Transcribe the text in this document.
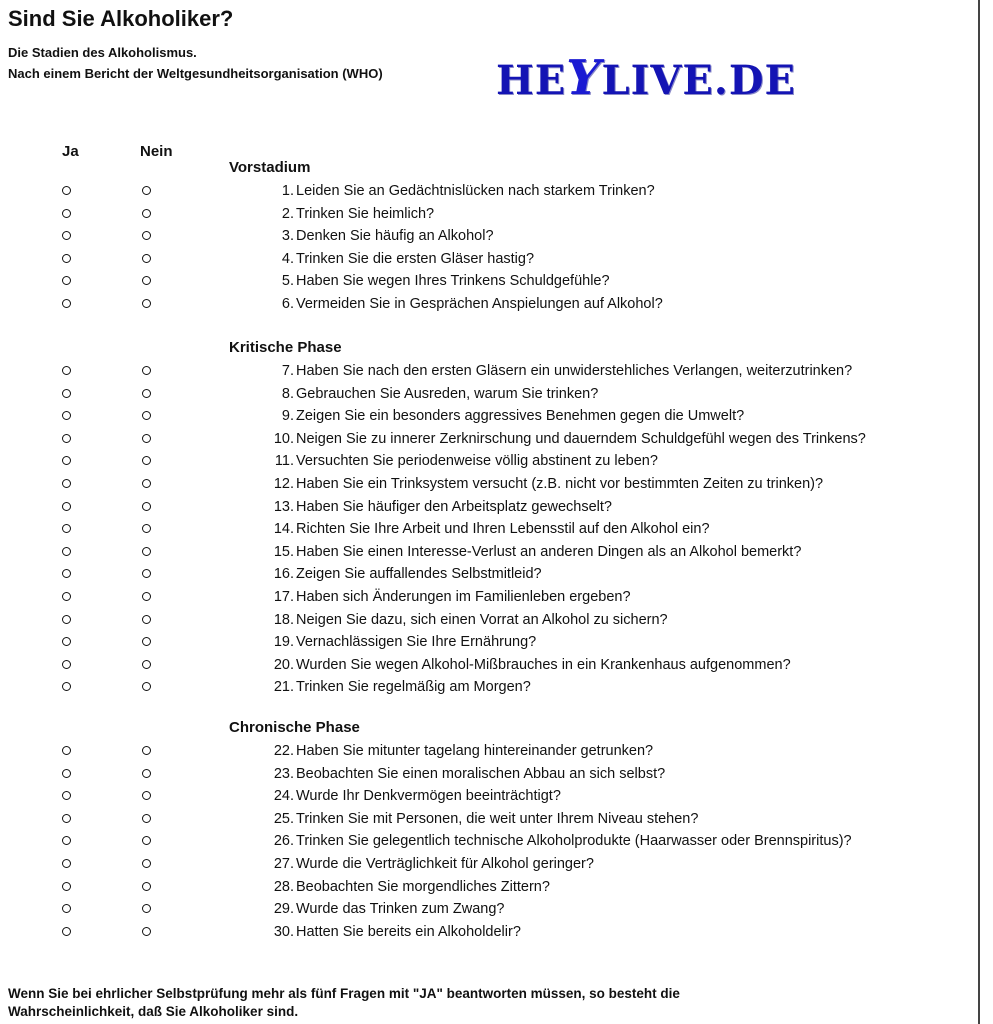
Sind Sie Alkoholiker?
Die Stadien des Alkoholismus.
Nach einem Bericht der Weltgesundheitsorganisation (WHO)	HEYLIVE.DE
Ja	Nein
Vorstadium
1. Leiden Sie an Gedächtnislücken nach starkem Trinken?
2. Trinken Sie heimlich?
3. Denken Sie häufig an Alkohol?
4. Trinken Sie die ersten Gläser hastig?
5. Haben Sie wegen Ihres Trinkens Schuldgefühle?
6. Vermeiden Sie in Gesprächen Anspielungen auf Alkohol?
Kritische Phase
7. Haben Sie nach den ersten Gläsern ein unwiderstehliches Verlangen, weiterzutrinken?
8. Gebrauchen Sie Ausreden, warum Sie trinken?
9. Zeigen Sie ein besonders aggressives Benehmen gegen die Umwelt?
10. Neigen Sie zu innerer Zerknirschung und dauerndem Schuldgefühl wegen des Trinkens?
11. Versuchten Sie periodenweise völlig abstinent zu leben?
12. Haben Sie ein Trinksystem versucht (z.B. nicht vor bestimmten Zeiten zu trinken)?
13. Haben Sie häufiger den Arbeitsplatz gewechselt?
14. Richten Sie Ihre Arbeit und Ihren Lebensstil auf den Alkohol ein?
15. Haben Sie einen Interesse-Verlust an anderen Dingen als an Alkohol bemerkt?
16. Zeigen Sie auffallendes Selbstmitleid?
17. Haben sich Änderungen im Familienleben ergeben?
18. Neigen Sie dazu, sich einen Vorrat an Alkohol zu sichern?
19. Vernachlässigen Sie Ihre Ernährung?
20. Wurden Sie wegen Alkohol-Mißbrauches in ein Krankenhaus aufgenommen?
21. Trinken Sie regelmäßig am Morgen?
Chronische Phase
22. Haben Sie mitunter tagelang hintereinander getrunken?
23. Beobachten Sie einen moralischen Abbau an sich selbst?
24. Wurde Ihr Denkvermögen beeinträchtigt?
25. Trinken Sie mit Personen, die weit unter Ihrem Niveau stehen?
26. Trinken Sie gelegentlich technische Alkoholprodukte (Haarwasser oder Brennspiritus)?
27. Wurde die Verträglichkeit für Alkohol geringer?
28. Beobachten Sie morgendliches Zittern?
29. Wurde das Trinken zum Zwang?
30. Hatten Sie bereits ein Alkoholdelir?
Wenn Sie bei ehrlicher Selbstprüfung mehr als fünf Fragen mit "JA" beantworten müssen, so besteht die
Wahrscheinlichkeit, daß Sie Alkoholiker sind.
